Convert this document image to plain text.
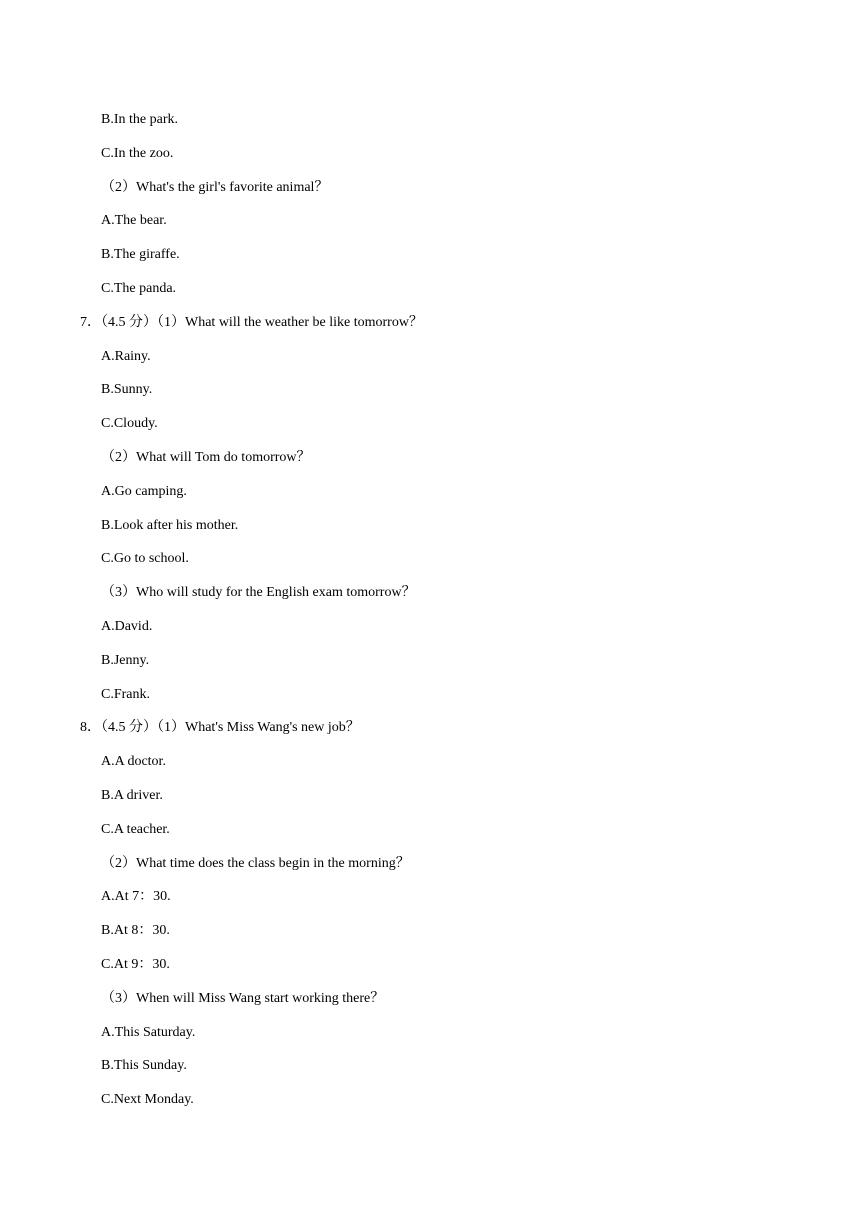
B.In the park.
C.In the zoo.
（2）What's the girl's favorite animal？
A.The bear.
B.The giraffe.
C.The panda.
7．（4.5 分）（1）What will the weather be like tomorrow？
A.Rainy.
B.Sunny.
C.Cloudy.
（2）What will Tom do tomorrow？
A.Go camping.
B.Look after his mother.
C.Go to school.
（3）Who will study for the English exam tomorrow？
A.David.
B.Jenny.
C.Frank.
8．（4.5 分）（1）What's Miss Wang's new job？
A.A doctor.
B.A driver.
C.A teacher.
（2）What time does the class begin in the morning？
A.At 7：30.
B.At 8：30.
C.At 9：30.
（3）When will Miss Wang start working there？
A.This Saturday.
B.This Sunday.
C.Next Monday.
